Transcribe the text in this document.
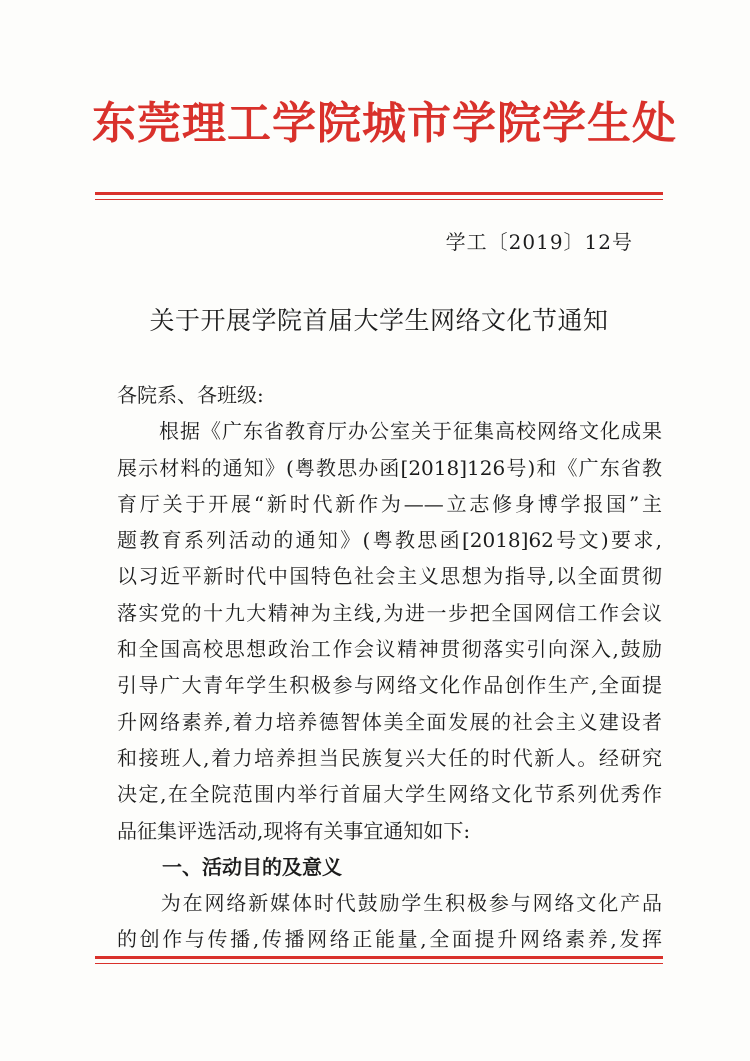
东莞理工学院城市学院学生处
学工〔2019〕12号
关于开展学院首届大学生网络文化节通知
各院系、各班级:
　　根据《广东省教育厅办公室关于征集高校网络文化成果
展示材料的通知》(粤教思办函[2018]126号)和《广东省教
育厅关于开展“新时代新作为——立志修身博学报国”主
题教育系列活动的通知》(粤教思函[2018]62号文)要求,
以习近平新时代中国特色社会主义思想为指导,以全面贯彻
落实党的十九大精神为主线,为进一步把全国网信工作会议
和全国高校思想政治工作会议精神贯彻落实引向深入,鼓励
引导广大青年学生积极参与网络文化作品创作生产,全面提
升网络素养,着力培养德智体美全面发展的社会主义建设者
和接班人,着力培养担当民族复兴大任的时代新人。经研究
决定,在全院范围内举行首届大学生网络文化节系列优秀作
品征集评选活动,现将有关事宜通知如下:
一、活动目的及意义
　　为在网络新媒体时代鼓励学生积极参与网络文化产品
的创作与传播,传播网络正能量,全面提升网络素养,发挥
